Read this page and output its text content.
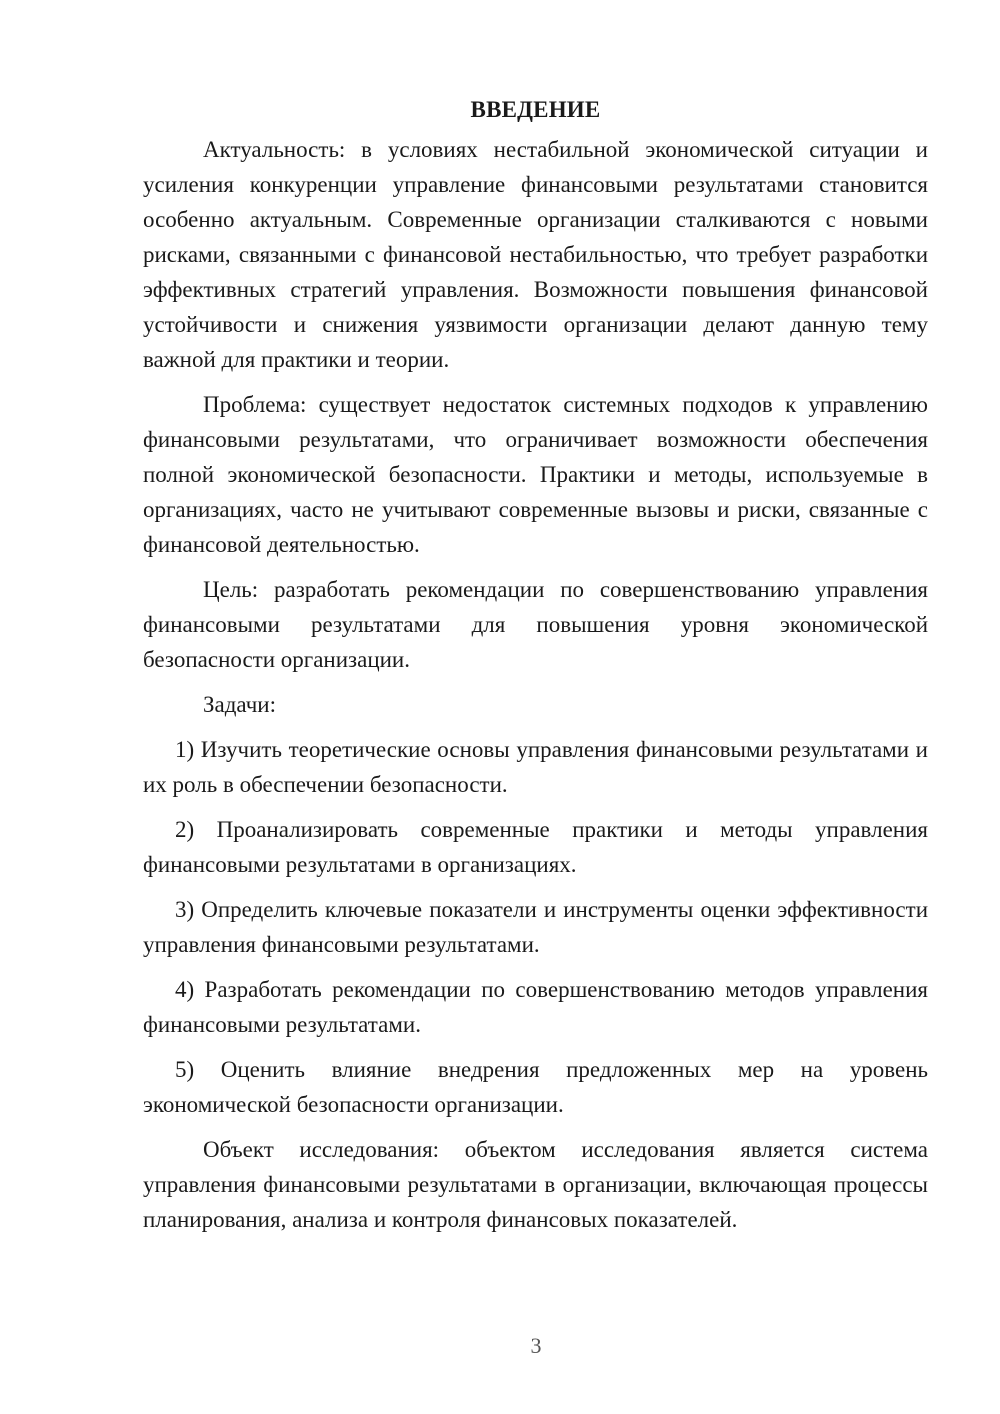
ВВЕДЕНИЕ

Актуальность: в условиях нестабильной экономической ситуации и усиления конкуренции управление финансовыми результатами становится особенно актуальным. Современные организации сталкиваются с новыми рисками, связанными с финансовой нестабильностью, что требует разработки эффективных стратегий управления. Возможности повышения финансовой устойчивости и снижения уязвимости организации делают данную тему важной для практики и теории.

Проблема: существует недостаток системных подходов к управлению финансовыми результатами, что ограничивает возможности обеспечения полной экономической безопасности. Практики и методы, используемые в организациях, часто не учитывают современные вызовы и риски, связанные с финансовой деятельностью.

Цель: разработать рекомендации по совершенствованию управления финансовыми результатами для повышения уровня экономической безопасности организации.

Задачи:

1) Изучить теоретические основы управления финансовыми результатами и их роль в обеспечении безопасности.

2) Проанализировать современные практики и методы управления финансовыми результатами в организациях.

3) Определить ключевые показатели и инструменты оценки эффективности управления финансовыми результатами.

4) Разработать рекомендации по совершенствованию методов управления финансовыми результатами.

5) Оценить влияние внедрения предложенных мер на уровень экономической безопасности организации.

Объект исследования: объектом исследования является система управления финансовыми результатами в организации, включающая процессы планирования, анализа и контроля финансовых показателей.

3
